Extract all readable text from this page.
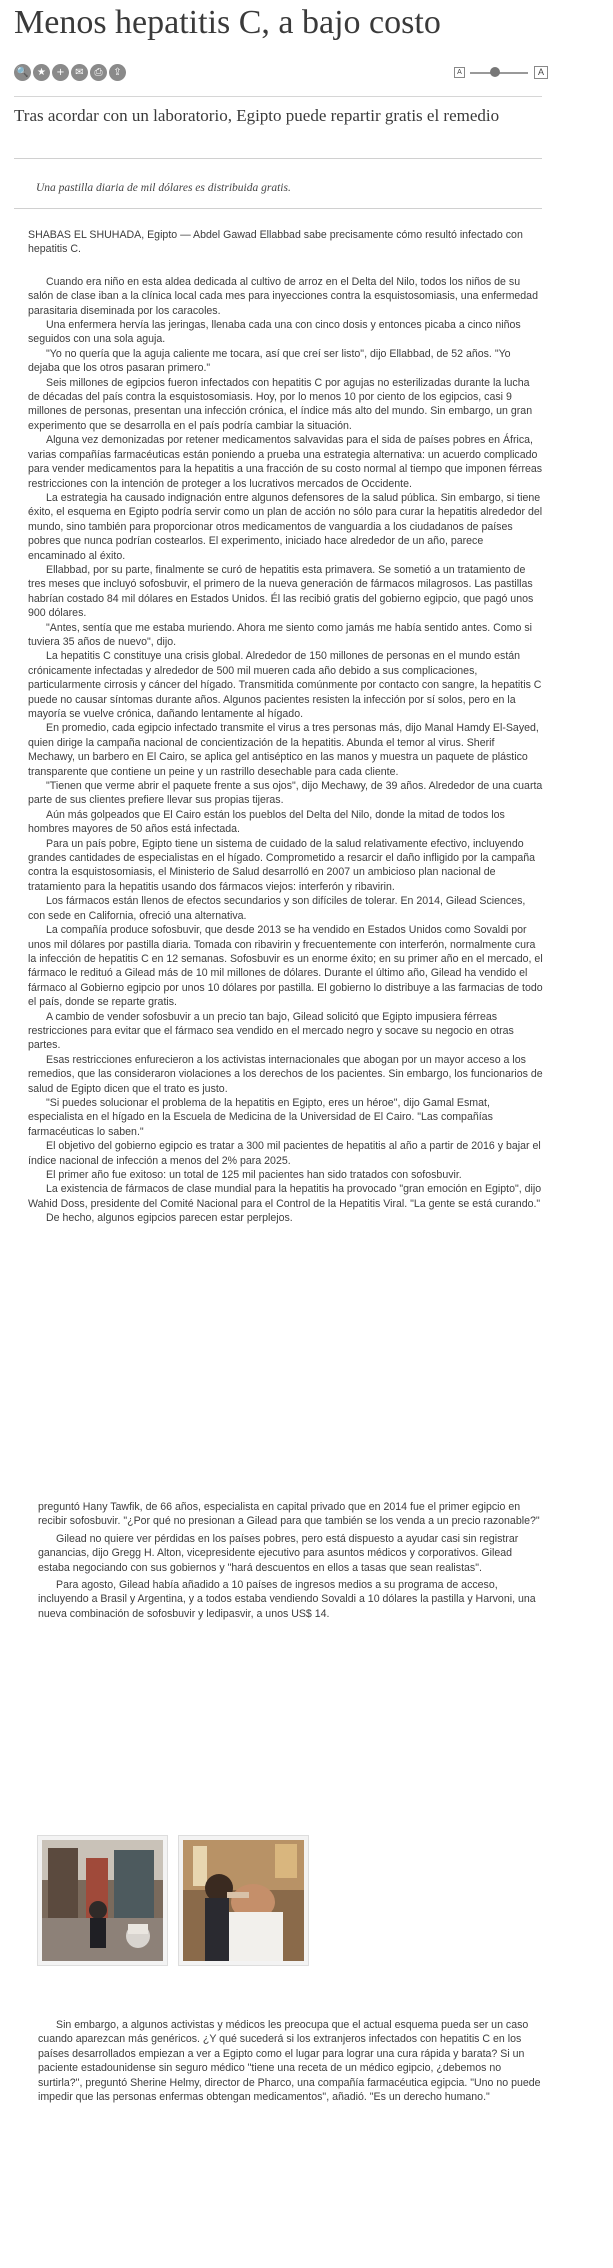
Menos hepatitis C, a bajo costo
🔍 ★	+	✉	⎙	⇪	A	A
Tras acordar con un laboratorio, Egipto puede repartir gratis el remedio

Una pastilla diaria de mil dólares es distribuida gratis.

SHABAS EL SHUHADA, Egipto — Abdel Gawad Ellabbad sabe precisamente cómo resultó infectado con hepatitis C.

Cuando era niño en esta aldea dedicada al cultivo de arroz en el Delta del Nilo, todos los niños de su salón de clase iban a la clínica local cada mes para inyecciones contra la esquistosomiasis, una enfermedad parasitaria diseminada por los caracoles.

Una enfermera hervía las jeringas, llenaba cada una con cinco dosis y entonces picaba a cinco niños seguidos con una sola aguja.

"Yo no quería que la aguja caliente me tocara, así que creí ser listo", dijo Ellabbad, de 52 años. "Yo dejaba que los otros pasaran primero."

Seis millones de egipcios fueron infectados con hepatitis C por agujas no esterilizadas durante la lucha de décadas del país contra la esquistosomiasis. Hoy, por lo menos 10 por ciento de los egipcios, casi 9 millones de personas, presentan una infección crónica, el índice más alto del mundo. Sin embargo, un gran experimento que se desarrolla en el país podría cambiar la situación.

Alguna vez demonizadas por retener medicamentos salvavidas para el sida de países pobres en África, varias compañías farmacéuticas están poniendo a prueba una estrategia alternativa: un acuerdo complicado para vender medicamentos para la hepatitis a una fracción de su costo normal al tiempo que imponen férreas restricciones con la intención de proteger a los lucrativos mercados de Occidente.

La estrategia ha causado indignación entre algunos defensores de la salud pública. Sin embargo, si tiene éxito, el esquema en Egipto podría servir como un plan de acción no sólo para curar la hepatitis alrededor del mundo, sino también para proporcionar otros medicamentos de vanguardia a los ciudadanos de países pobres que nunca podrían costearlos. El experimento, iniciado hace alrededor de un año, parece encaminado al éxito.

Ellabbad, por su parte, finalmente se curó de hepatitis esta primavera. Se sometió a un tratamiento de tres meses que incluyó sofosbuvir, el primero de la nueva generación de fármacos milagrosos. Las pastillas habrían costado 84 mil dólares en Estados Unidos. Él las recibió gratis del gobierno egipcio, que pagó unos 900 dólares.

"Antes, sentía que me estaba muriendo. Ahora me siento como jamás me había sentido antes. Como si tuviera 35 años de nuevo", dijo.

La hepatitis C constituye una crisis global. Alrededor de 150 millones de personas en el mundo están crónicamente infectadas y alrededor de 500 mil mueren cada año debido a sus complicaciones, particularmente cirrosis y cáncer del hígado. Transmitida comúnmente por contacto con sangre, la hepatitis C puede no causar síntomas durante años. Algunos pacientes resisten la infección por sí solos, pero en la mayoría se vuelve crónica, dañando lentamente al hígado.

En promedio, cada egipcio infectado transmite el virus a tres personas más, dijo Manal Hamdy El-Sayed, quien dirige la campaña nacional de concientización de la hepatitis. Abunda el temor al virus. Sherif Mechawy, un barbero en El Cairo, se aplica gel antiséptico en las manos y muestra un paquete de plástico transparente que contiene un peine y un rastrillo desechable para cada cliente.

"Tienen que verme abrir el paquete frente a sus ojos", dijo Mechawy, de 39 años. Alrededor de una cuarta parte de sus clientes prefiere llevar sus propias tijeras.

Aún más golpeados que El Cairo están los pueblos del Delta del Nilo, donde la mitad de todos los hombres mayores de 50 años está infectada.

Para un país pobre, Egipto tiene un sistema de cuidado de la salud relativamente efectivo, incluyendo grandes cantidades de especialistas en el hígado. Comprometido a resarcir el daño infligido por la campaña contra la esquistosomiasis, el Ministerio de Salud desarrolló en 2007 un ambicioso plan nacional de tratamiento para la hepatitis usando dos fármacos viejos: interferón y ribavirin.

Los fármacos están llenos de efectos secundarios y son difíciles de tolerar. En 2014, Gilead Sciences, con sede en California, ofreció una alternativa.

La compañía produce sofosbuvir, que desde 2013 se ha vendido en Estados Unidos como Sovaldi por unos mil dólares por pastilla diaria. Tomada con ribavirin y frecuentemente con interferón, normalmente cura la infección de hepatitis C en 12 semanas. Sofosbuvir es un enorme éxito; en su primer año en el mercado, el fármaco le redituó a Gilead más de 10 mil millones de dólares. Durante el último año, Gilead ha vendido el fármaco al Gobierno egipcio por unos 10 dólares por pastilla. El gobierno lo distribuye a las farmacias de todo el país, donde se reparte gratis.

A cambio de vender sofosbuvir a un precio tan bajo, Gilead solicitó que Egipto impusiera férreas restricciones para evitar que el fármaco sea vendido en el mercado negro y socave su negocio en otras partes.

Esas restricciones enfurecieron a los activistas internacionales que abogan por un mayor acceso a los remedios, que las consideraron violaciones a los derechos de los pacientes. Sin embargo, los funcionarios de salud de Egipto dicen que el trato es justo.

"Si puedes solucionar el problema de la hepatitis en Egipto, eres un héroe", dijo Gamal Esmat, especialista en el hígado en la Escuela de Medicina de la Universidad de El Cairo. "Las compañías farmacéuticas lo saben."

El objetivo del gobierno egipcio es tratar a 300 mil pacientes de hepatitis al año a partir de 2016 y bajar el índice nacional de infección a menos del 2% para 2025.

El primer año fue exitoso: un total de 125 mil pacientes han sido tratados con sofosbuvir.

La existencia de fármacos de clase mundial para la hepatitis ha provocado "gran emoción en Egipto", dijo Wahid Doss, presidente del Comité Nacional para el Control de la Hepatitis Viral. "La gente se está curando."

De hecho, algunos egipcios parecen estar perplejos.

preguntó Hany Tawfik, de 66 años, especialista en capital privado que en 2014 fue el primer egipcio en recibir sofosbuvir. "¿Por qué no presionan a Gilead para que también se los venda a un precio razonable?"

Gilead no quiere ver pérdidas en los países pobres, pero está dispuesto a ayudar casi sin registrar ganancias, dijo Gregg H. Alton, vicepresidente ejecutivo para asuntos médicos y corporativos. Gilead estaba negociando con sus gobiernos y "hará descuentos en ellos a tasas que sean realistas".

Para agosto, Gilead había añadido a 10 países de ingresos medios a su programa de acceso, incluyendo a Brasil y Argentina, y a todos estaba vendiendo Sovaldi a 10 dólares la pastilla y Harvoni, una nueva combinación de sofosbuvir y ledipasvir, a unos US$ 14.

Sin embargo, a algunos activistas y médicos les preocupa que el actual esquema pueda ser un caso cuando aparezcan más genéricos. ¿Y qué sucederá si los extranjeros infectados con hepatitis C en los países desarrollados empiezan a ver a Egipto como el lugar para lograr una cura rápida y barata? Si un paciente estadounidense sin seguro médico "tiene una receta de un médico egipcio, ¿debemos no surtirla?", preguntó Sherine Helmy, director de Pharco, una compañía farmacéutica egipcia. "Uno no puede impedir que las personas enfermas obtengan medicamentos", añadió. "Es un derecho humano."
